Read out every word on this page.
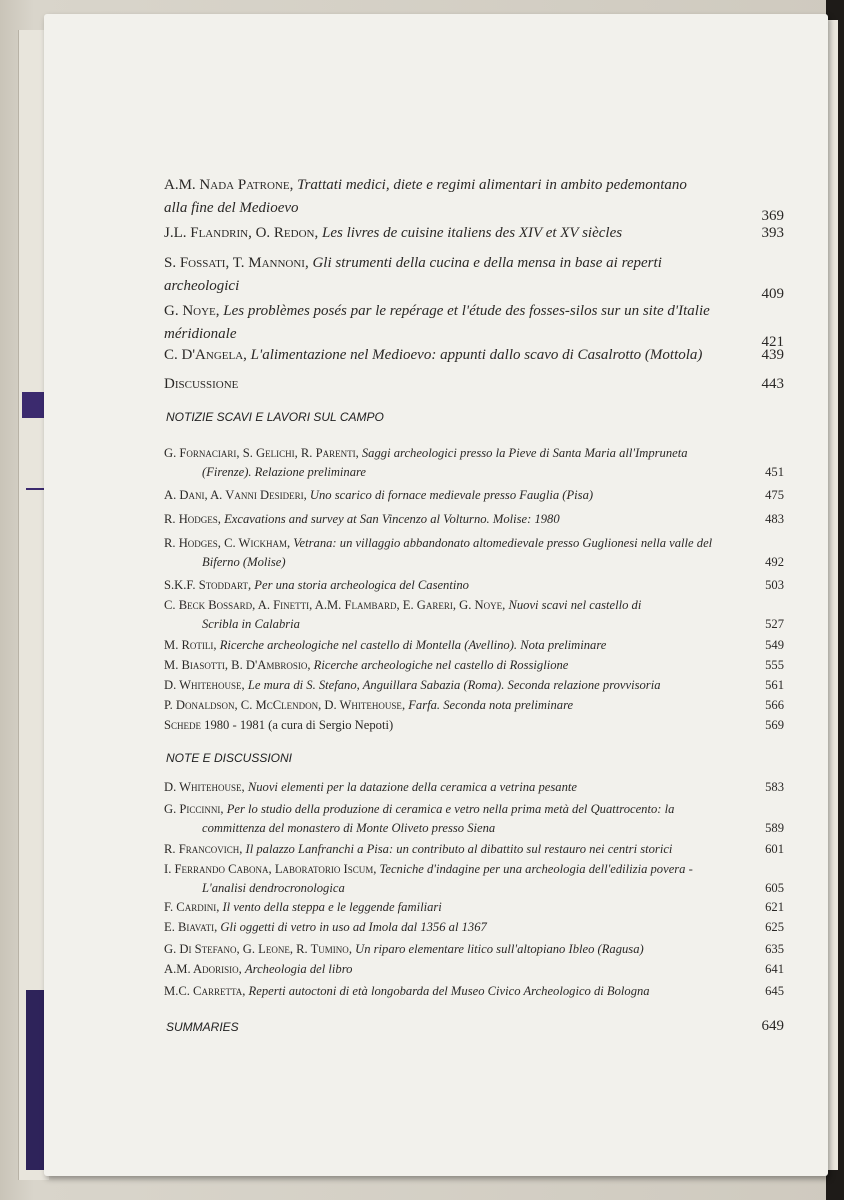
A.M. Nada Patrone, Trattati medici, diete e regimi alimentari in ambito pedemontano
alla fine del Medioevo	369
J.L. Flandrin, O. Redon, Les livres de cuisine italiens des XIV et XV siècles	393
S. Fossati, T. Mannoni, Gli strumenti della cucina e della mensa in base ai reperti
archeologici	409
G. Noye, Les problèmes posés par le repérage et l'étude des fosses-silos sur un site d'Italie
méridionale	421
C. D'Angela, L'alimentazione nel Medioevo: appunti dallo scavo di Casalrotto (Mottola)	439
Discussione	443
NOTIZIE SCAVI E LAVORI SUL CAMPO
G. Fornaciari, S. Gelichi, R. Parenti, Saggi archeologici presso la Pieve di Santa Maria all'Impruneta
(Firenze). Relazione preliminare	451
A. Dani, A. Vanni Desideri, Uno scarico di fornace medievale presso Fauglia (Pisa)	475
R. Hodges, Excavations and survey at San Vincenzo al Volturno. Molise: 1980	483
R. Hodges, C. Wickham, Vetrana: un villaggio abbandonato altomedievale presso Guglionesi nella valle del
Biferno (Molise)	492
S.K.F. Stoddart, Per una storia archeologica del Casentino	503
C. Beck Bossard, A. Finetti, A.M. Flambard, E. Gareri, G. Noye, Nuovi scavi nel castello di
Scribla in Calabria	527
M. Rotili, Ricerche archeologiche nel castello di Montella (Avellino). Nota preliminare	549
M. Biasotti, B. D'Ambrosio, Ricerche archeologiche nel castello di Rossiglione	555
D. Whitehouse, Le mura di S. Stefano, Anguillara Sabazia (Roma). Seconda relazione provvisoria	561
P. Donaldson, C. McClendon, D. Whitehouse, Farfa. Seconda nota preliminare	566
Schede 1980 - 1981 (a cura di Sergio Nepoti)	569
NOTE E DISCUSSIONI
D. Whitehouse, Nuovi elementi per la datazione della ceramica a vetrina pesante	583
G. Piccinni, Per lo studio della produzione di ceramica e vetro nella prima metà del Quattrocento: la
committenza del monastero di Monte Oliveto presso Siena	589
R. Francovich, Il palazzo Lanfranchi a Pisa: un contributo al dibattito sul restauro nei centri storici	601
I. Ferrando Cabona, Laboratorio Iscum, Tecniche d'indagine per una archeologia dell'edilizia povera -
L'analisi dendrocronologica	605
F. Cardini, Il vento della steppa e le leggende familiari	621
E. Biavati, Gli oggetti di vetro in uso ad Imola dal 1356 al 1367	625
G. Di Stefano, G. Leone, R. Tumino, Un riparo elementare litico sull'altopiano Ibleo (Ragusa)	635
A.M. Adorisio, Archeologia del libro	641
M.C. Carretta, Reperti autoctoni di età longobarda del Museo Civico Archeologico di Bologna	645
SUMMARIES	649
